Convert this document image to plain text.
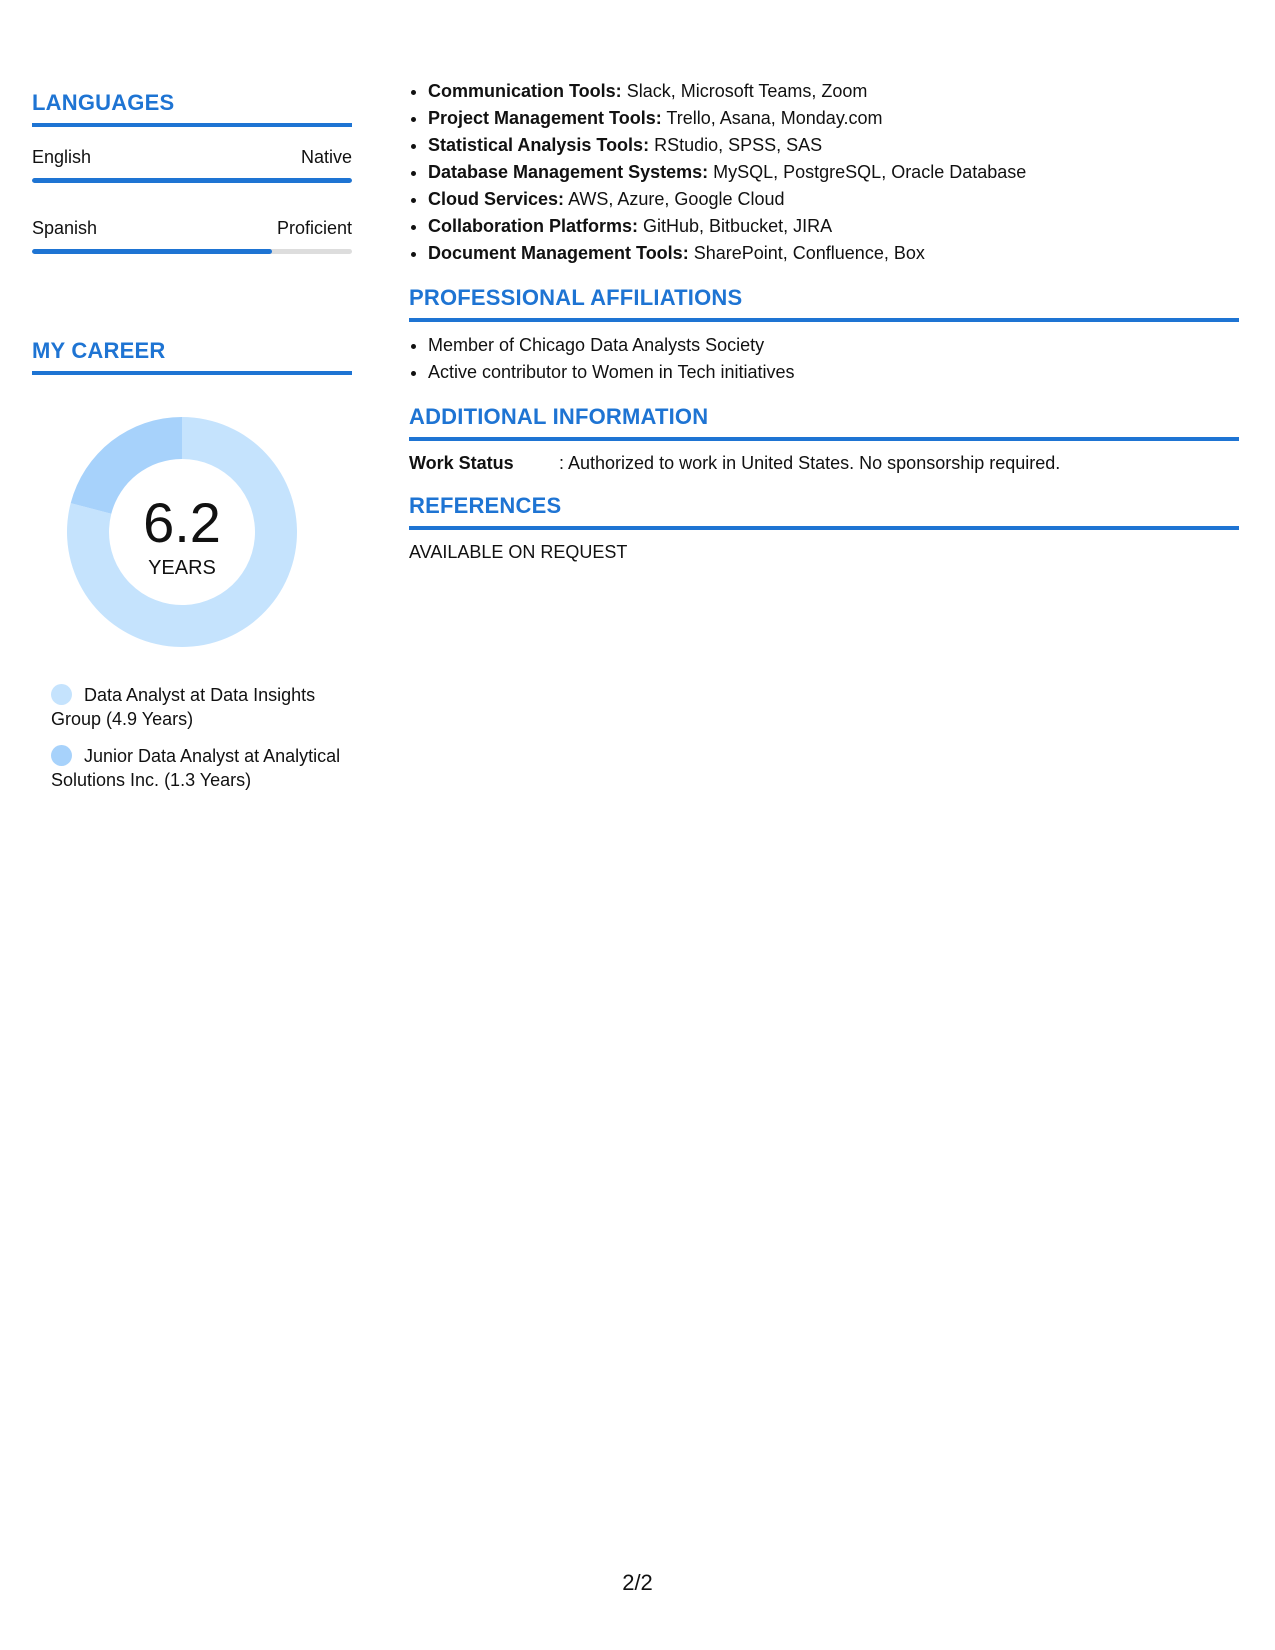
LANGUAGES
English	Native
Spanish	Proficient
MY CAREER
6.2
YEARS
Data Analyst at Data Insights Group (4.9 Years)
Junior Data Analyst at Analytical Solutions Inc. (1.3 Years)
• Communication Tools: Slack, Microsoft Teams, Zoom
• Project Management Tools: Trello, Asana, Monday.com
• Statistical Analysis Tools: RStudio, SPSS, SAS
• Database Management Systems: MySQL, PostgreSQL, Oracle Database
• Cloud Services: AWS, Azure, Google Cloud
• Collaboration Platforms: GitHub, Bitbucket, JIRA
• Document Management Tools: SharePoint, Confluence, Box
PROFESSIONAL AFFILIATIONS
• Member of Chicago Data Analysts Society
• Active contributor to Women in Tech initiatives
ADDITIONAL INFORMATION
Work Status	: Authorized to work in United States. No sponsorship required.
REFERENCES
AVAILABLE ON REQUEST
2/2
